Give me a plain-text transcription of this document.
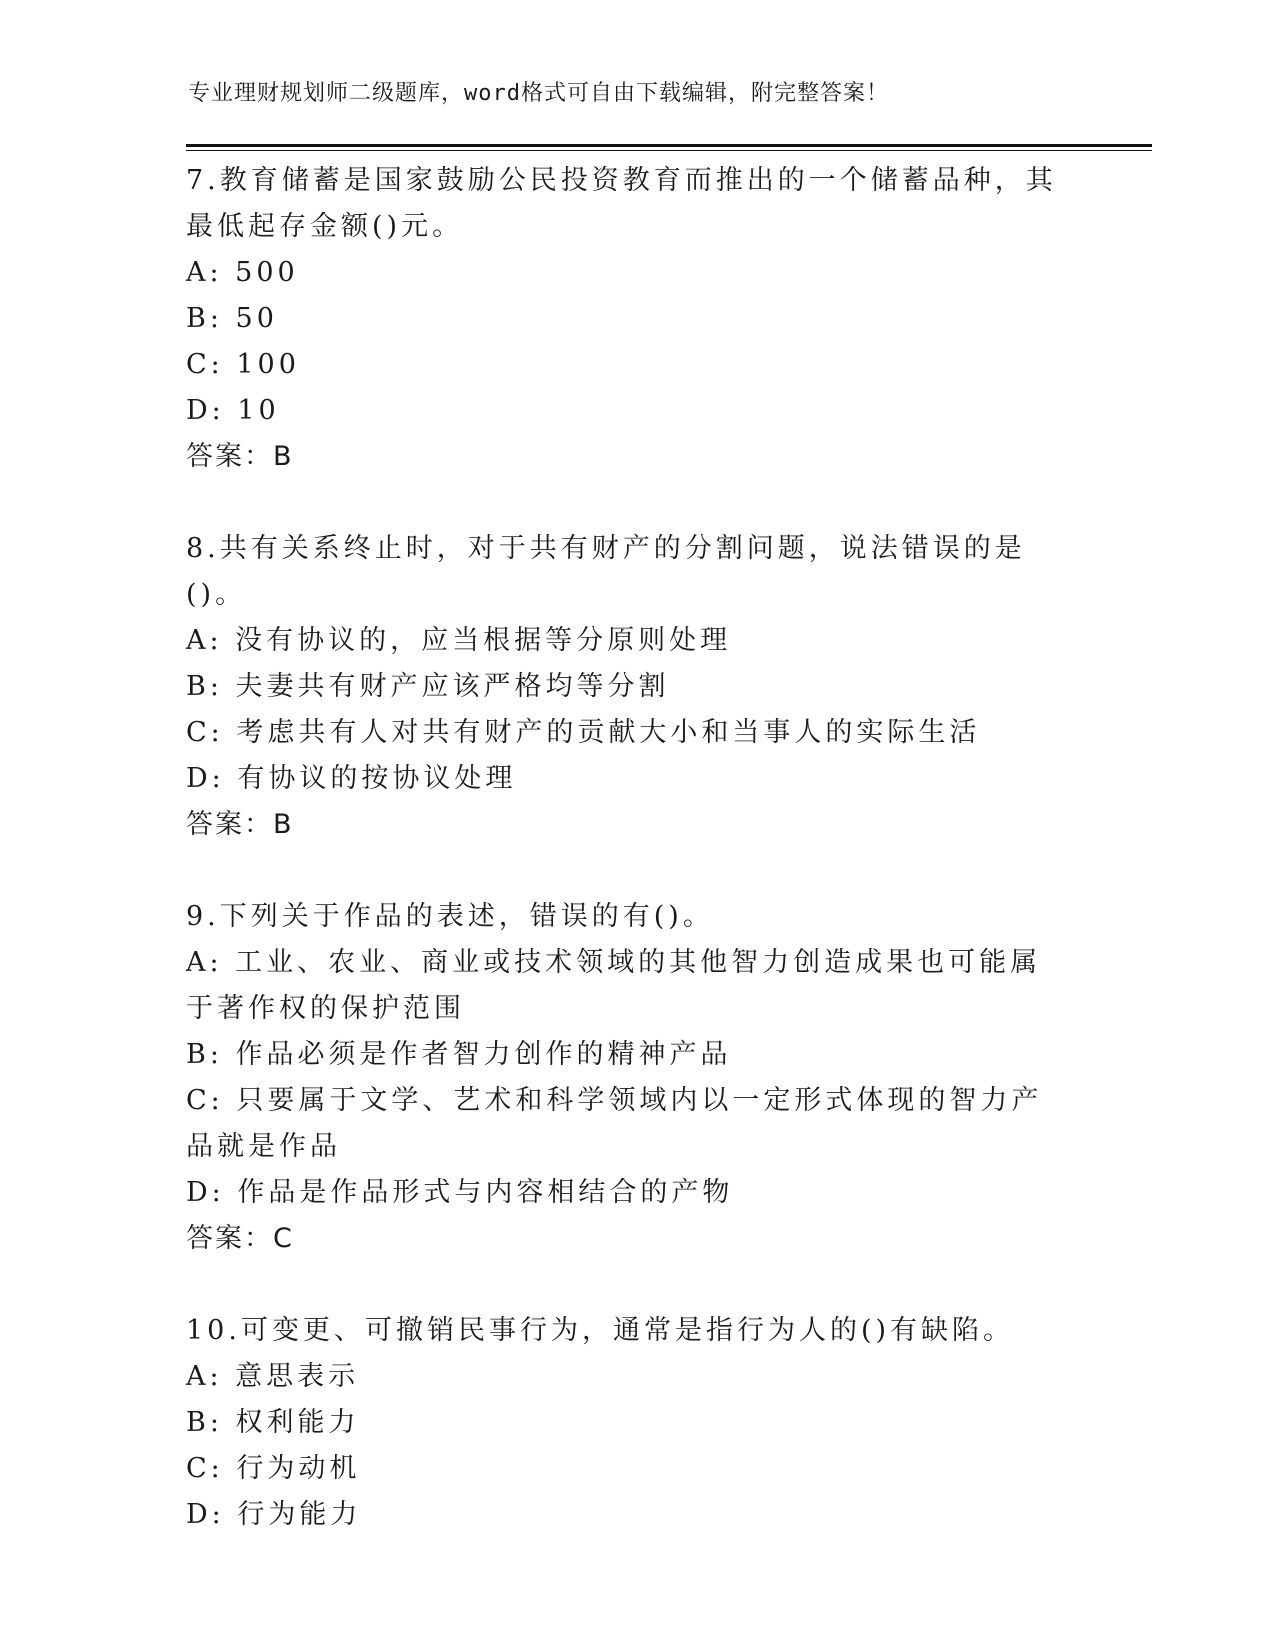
专业理财规划师二级题库，word格式可自由下载编辑，附完整答案！
7.教育储蓄是国家鼓励公民投资教育而推出的一个储蓄品种，其最低起存金额()元。
A: 500
B: 50
C: 100
D: 10
答案：B
8.共有关系终止时，对于共有财产的分割问题，说法错误的是()。
A: 没有协议的，应当根据等分原则处理
B: 夫妻共有财产应该严格均等分割
C: 考虑共有人对共有财产的贡献大小和当事人的实际生活
D: 有协议的按协议处理
答案：B
9.下列关于作品的表述，错误的有()。
A: 工业、农业、商业或技术领域的其他智力创造成果也可能属于著作权的保护范围
B: 作品必须是作者智力创作的精神产品
C: 只要属于文学、艺术和科学领域内以一定形式体现的智力产品就是作品
D: 作品是作品形式与内容相结合的产物
答案：C
10.可变更、可撤销民事行为，通常是指行为人的()有缺陷。
A: 意思表示
B: 权利能力
C: 行为动机
D: 行为能力
